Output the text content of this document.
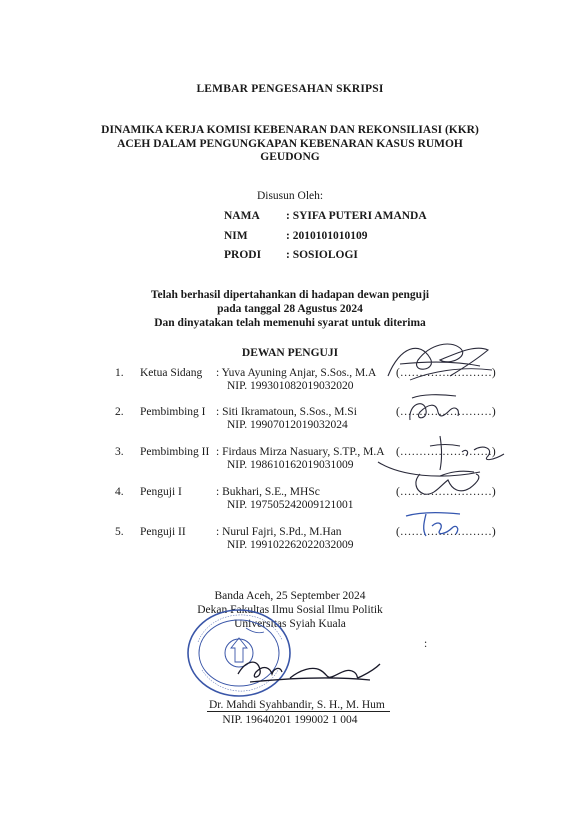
LEMBAR PENGESAHAN SKRIPSI
DINAMIKA KERJA KOMISI KEBENARAN DAN REKONSILIASI (KKR)
ACEH DALAM PENGUNGKAPAN KEBENARAN KASUS RUMOH
GEUDONG
Disusun Oleh:
NAMA	: SYIFA PUTERI AMANDA
NIM	: 2010101010109
PRODI	: SOSIOLOGI
Telah berhasil dipertahankan di hadapan dewan penguji
pada tanggal 28 Agustus 2024
Dan dinyatakan telah memenuhi syarat untuk diterima
DEWAN PENGUJI
1. Ketua Sidang : Yuva Ayuning Anjar, S.Sos., M.A
NIP. 199301082019032020
(……………………)
2. Pembimbing I : Siti Ikramatoun, S.Sos., M.Si
NIP. 19907012019032024
(……………………)
3. Pembimbing II : Firdaus Mirza Nasuary, S.TP., M.A
NIP. 198610162019031009
(……………………)
4. Penguji I	: Bukhari, S.E., MHSc
NIP. 197505242009121001
(……………………)
5. Penguji II	: Nurul Fajri, S.Pd., M.Han
NIP. 199102262022032009
(……………………)
Banda Aceh, 25 September 2024
Dekan Fakultas Ilmu Sosial Ilmu Politik
Universitas Syiah Kuala
:
Dr. Mahdi Syahbandir, S. H., M. Hum
NIP. 19640201 199002 1 004
